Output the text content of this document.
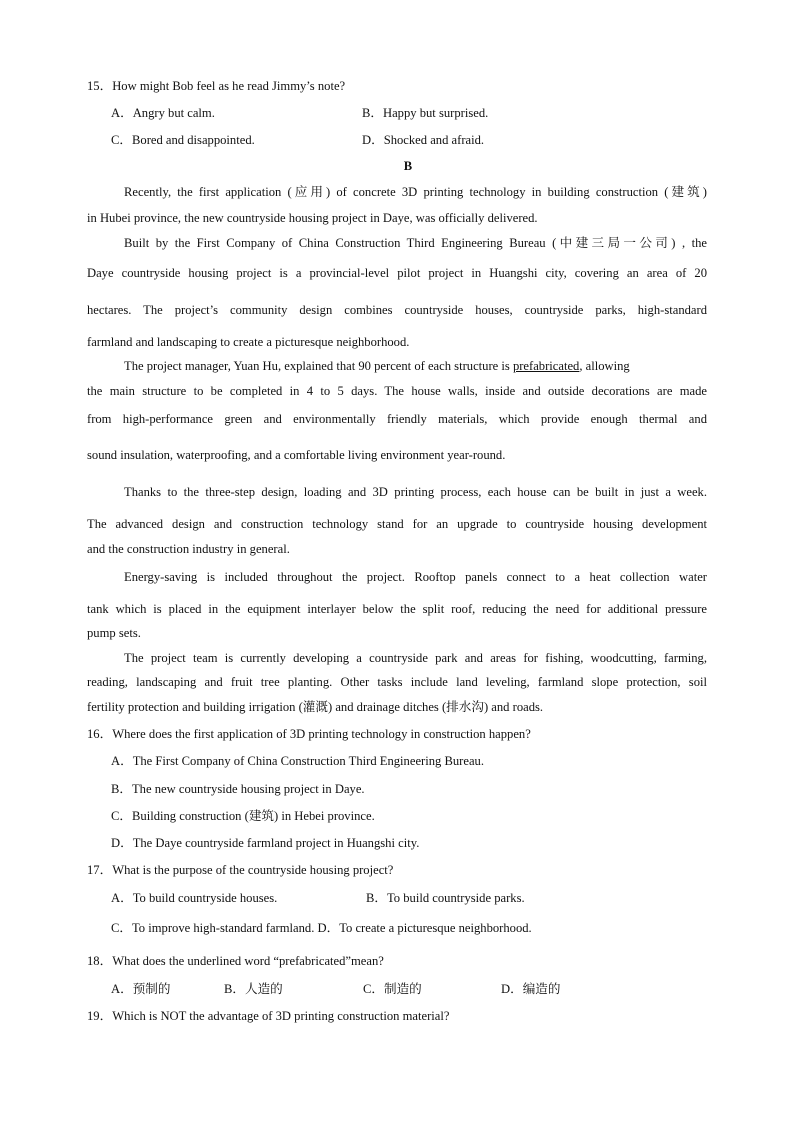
15．How might Bob feel as he read Jimmy’s note?
A．Angry but calm.	B．Happy but surprised.
C．Bored and disappointed.	D．Shocked and afraid.
B
Recently, the first application (应用) of concrete 3D printing technology in building construction (建筑)
in Hubei province, the new countryside housing project in Daye, was officially delivered.
Built by the First Company of China Construction Third Engineering Bureau (中建三局一公司) , the
Daye countryside housing project is a provincial-level pilot project in Huangshi city, covering an area of 20
hectares. The project’s community design combines countryside houses, countryside parks, high-standard
farmland and landscaping to create a picturesque neighborhood.
The project manager, Yuan Hu, explained that 90 percent of each structure is prefabricated, allowing
the main structure to be completed in 4 to 5 days. The house walls, inside and outside decorations are made
from high-performance green and environmentally friendly materials, which provide enough thermal and
sound insulation, waterproofing, and a comfortable living environment year-round.
Thanks to the three-step design, loading and 3D printing process, each house can be built in just a week.
The advanced design and construction technology stand for an upgrade to countryside housing development
and the construction industry in general.
Energy-saving is included throughout the project. Rooftop panels connect to a heat collection water
tank which is placed in the equipment interlayer below the split roof, reducing the need for additional pressure
pump sets.
The project team is currently developing a countryside park and areas for fishing, woodcutting, farming,
reading, landscaping and fruit tree planting. Other tasks include land leveling, farmland slope protection, soil
fertility protection and building irrigation (灌溉) and drainage ditches (排水沟) and roads.
16．Where does the first application of 3D printing technology in construction happen?
A．The First Company of China Construction Third Engineering Bureau.
B．The new countryside housing project in Daye.
C．Building construction (建筑) in Hebei province.
D．The Daye countryside farmland project in Huangshi city.
17．What is the purpose of the countryside housing project?
A．To build countryside houses.	B．To build countryside parks.
C．To improve high-standard farmland. D．To create a picturesque neighborhood.
18．What does the underlined word “prefabricated”mean?
A．预制的	B．人造的	C．制造的	D．编造的
19．Which is NOT the advantage of 3D printing construction material?
